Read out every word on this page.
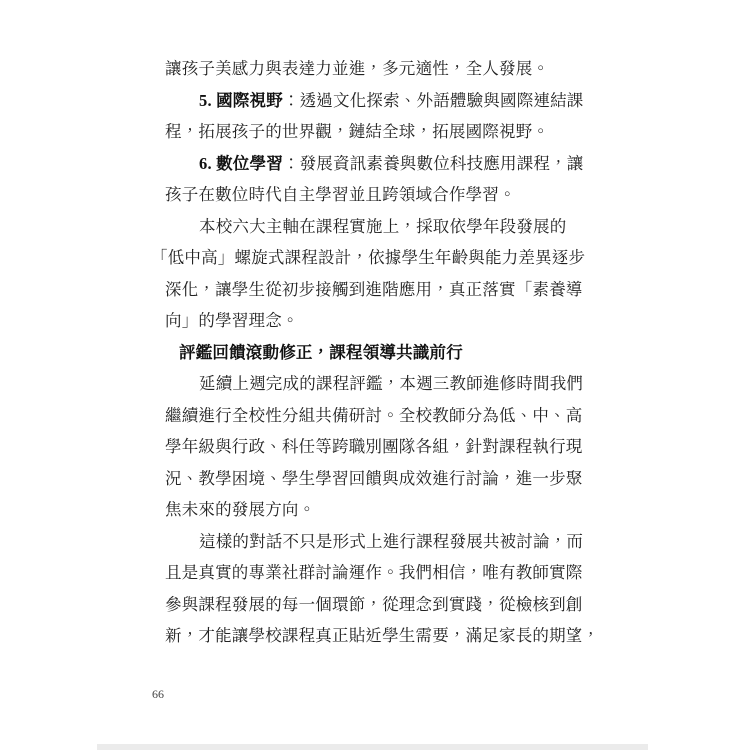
讓孩子美感力與表達力並進，多元適性，全人發展。
5. 國際視野：透過文化探索、外語體驗與國際連結課
程，拓展孩子的世界觀，鏈結全球，拓展國際視野。
6. 數位學習：發展資訊素養與數位科技應用課程，讓
孩子在數位時代自主學習並且跨領域合作學習。
本校六大主軸在課程實施上，採取依學年段發展的
「低中高」螺旋式課程設計，依據學生年齡與能力差異逐步
深化，讓學生從初步接觸到進階應用，真正落實「素養導
向」的學習理念。
評鑑回饋滾動修正，課程領導共識前行
延續上週完成的課程評鑑，本週三教師進修時間我們
繼續進行全校性分組共備研討。全校教師分為低、中、高
學年級與行政、科任等跨職別團隊各組，針對課程執行現
況、教學困境、學生學習回饋與成效進行討論，進一步聚
焦未來的發展方向。
這樣的對話不只是形式上進行課程發展共被討論，而
且是真實的專業社群討論運作。我們相信，唯有教師實際
參與課程發展的每一個環節，從理念到實踐，從檢核到創
新，才能讓學校課程真正貼近學生需要，滿足家長的期望，
66
